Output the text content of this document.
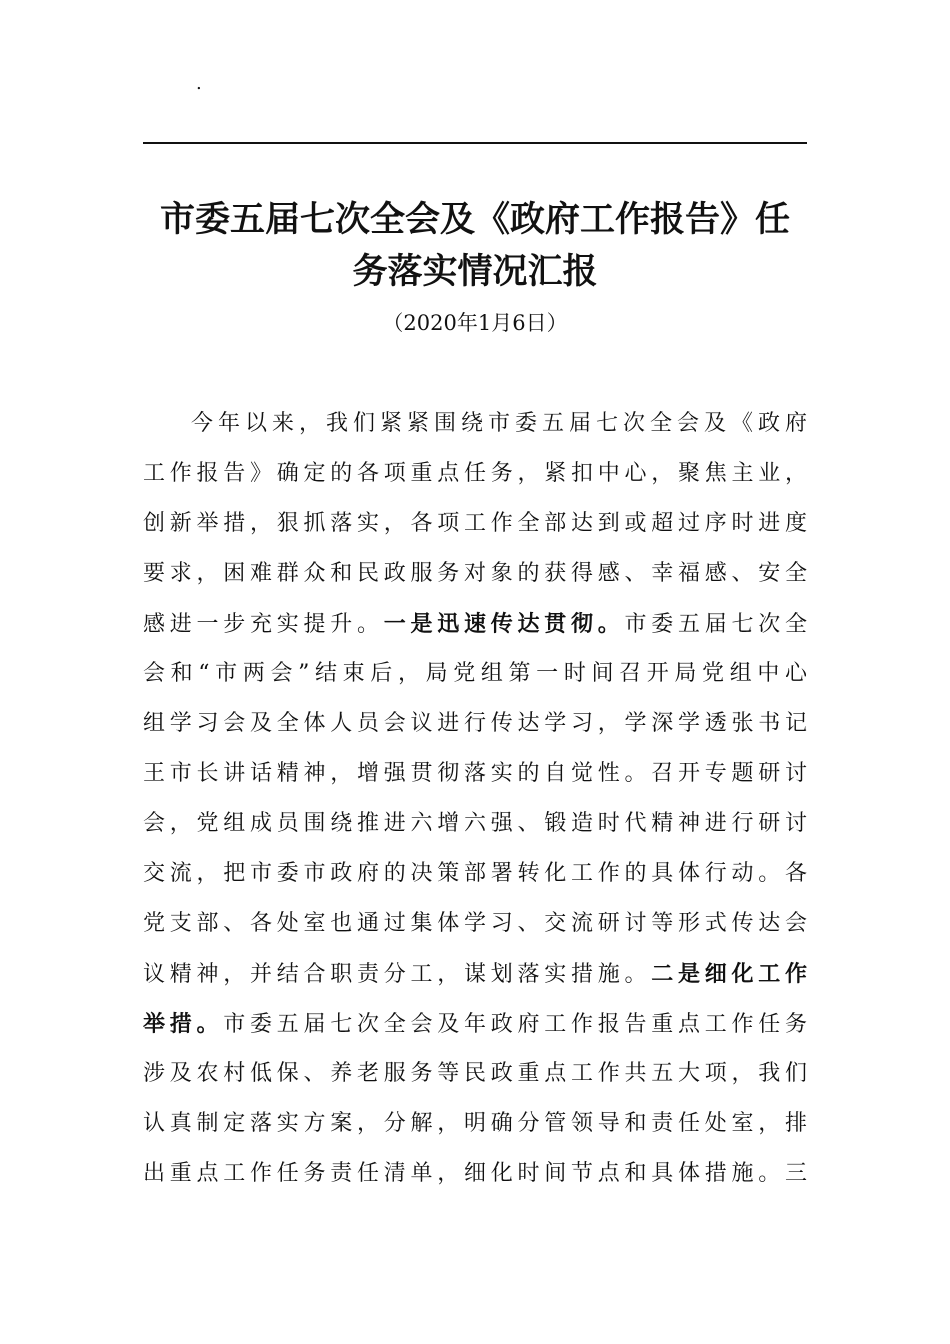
.
市委五届七次全会及《政府工作报告》任
务落实情况汇报
（2020年1月6日）
今年以来，我们紧紧围绕市委五届七次全会及《政府
工作报告》确定的各项重点任务，紧扣中心，聚焦主业，
创新举措，狠抓落实，各项工作全部达到或超过序时进度
要求，困难群众和民政服务对象的获得感、幸福感、安全
感进一步充实提升。一是迅速传达贯彻。市委五届七次全
会和“市两会”结束后，局党组第一时间召开局党组中心
组学习会及全体人员会议进行传达学习，学深学透张书记
王市长讲话精神，增强贯彻落实的自觉性。召开专题研讨
会，党组成员围绕推进六增六强、锻造时代精神进行研讨
交流，把市委市政府的决策部署转化工作的具体行动。各
党支部、各处室也通过集体学习、交流研讨等形式传达会
议精神，并结合职责分工，谋划落实措施。二是细化工作
举措。市委五届七次全会及年政府工作报告重点工作任务
涉及农村低保、养老服务等民政重点工作共五大项，我们
认真制定落实方案，分解，明确分管领导和责任处室，排
出重点工作任务责任清单，细化时间节点和具体措施。三
